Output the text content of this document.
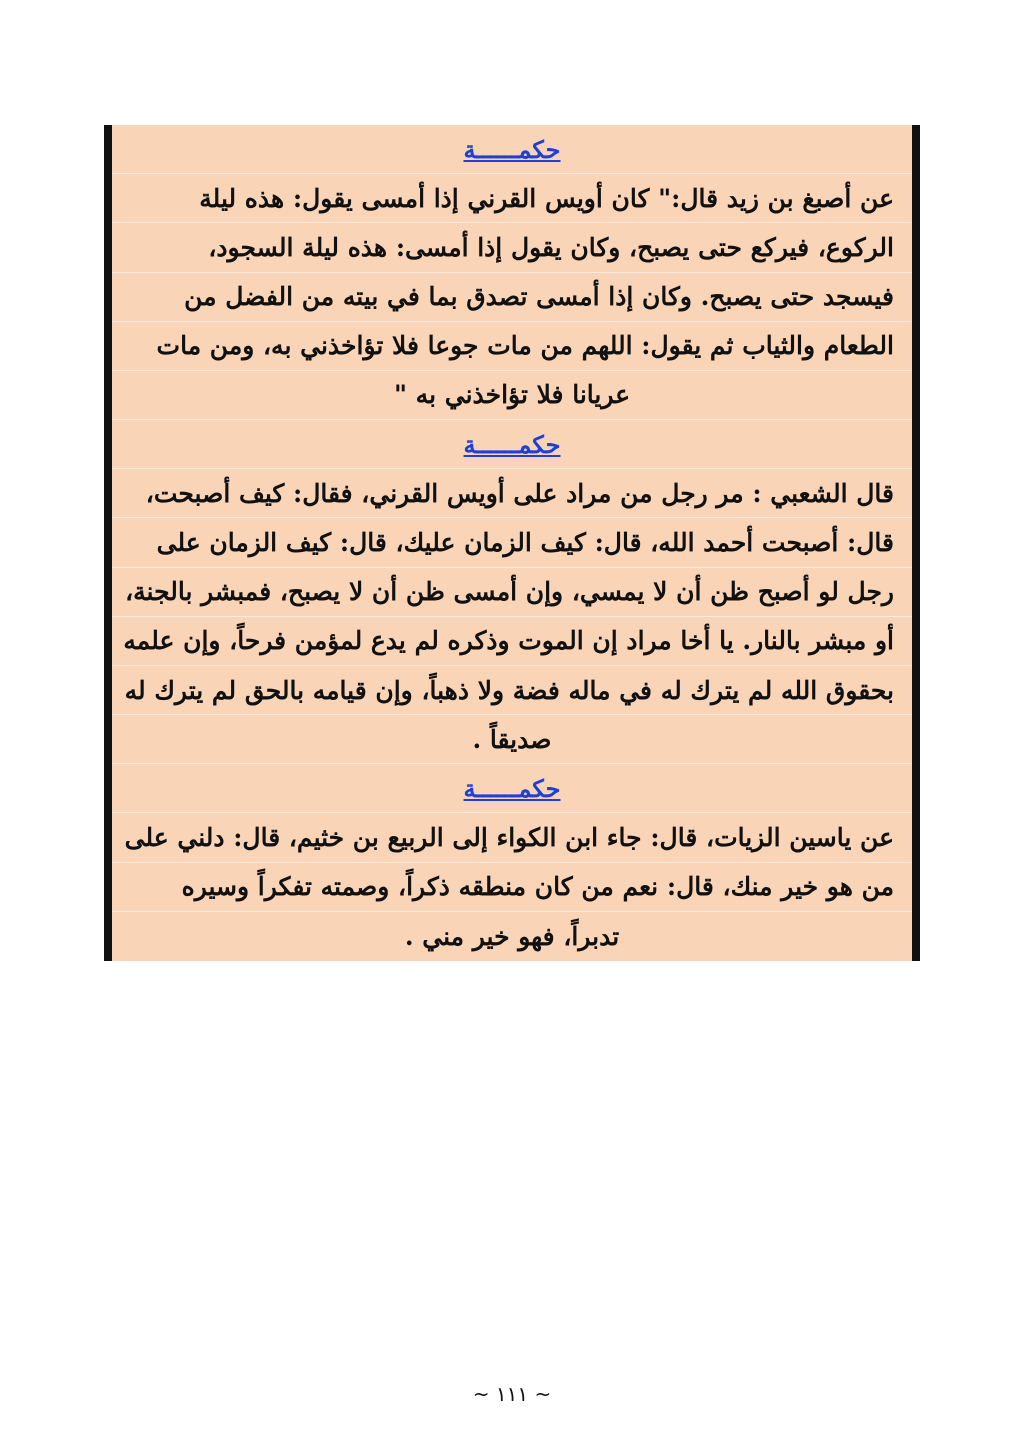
حكمــــــة
عن أصبغ بن زيد قال:" كان أويس القرني إذا أمسى يقول: هذه ليلة
الركوع، فيركع حتى يصبح، وكان يقول إذا أمسى: هذه ليلة السجود،
فيسجد حتى يصبح. وكان إذا أمسى تصدق بما في بيته من الفضل من
الطعام والثياب ثم يقول: اللهم من مات جوعا فلا تؤاخذني به، ومن مات
عريانا فلا تؤاخذني به "
حكمــــــة
قال الشعبي : مر رجل من مراد على أويس القرني، فقال: كيف أصبحت،
قال: أصبحت أحمد الله، قال: كيف الزمان عليك، قال: كيف الزمان على
رجل لو أصبح ظن أن لا يمسي، وإن أمسى ظن أن لا يصبح، فمبشر بالجنة،
أو مبشر بالنار. يا أخا مراد إن الموت وذكره لم يدع لمؤمن فرحاً، وإن علمه
بحقوق الله لم يترك له في ماله فضة ولا ذهباً، وإن قيامه بالحق لم يترك له
صديقاً .
حكمــــــة
عن ياسين الزيات، قال: جاء ابن الكواء إلى الربيع بن خثيم، قال: دلني على
من هو خير منك، قال: نعم من كان منطقه ذكراً، وصمته تفكراً وسيره
تدبراً، فهو خير مني .
~ ١١١ ~
